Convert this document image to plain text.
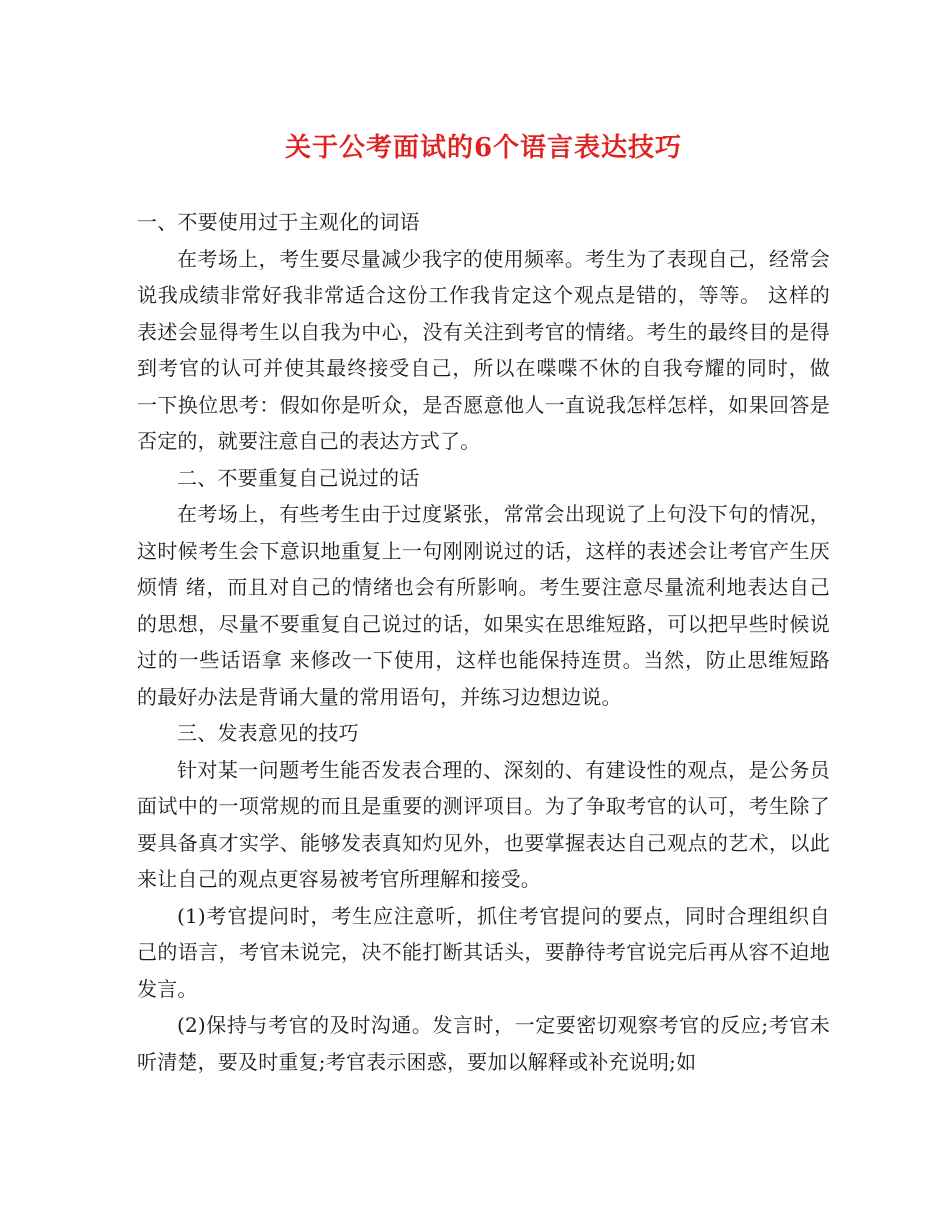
关于公考面试的6个语言表达技巧

一、不要使用过于主观化的词语

在考场上，考生要尽量减少我字的使用频率。考生为了表现自己，经常会说我成绩非常好我非常适合这份工作我肯定这个观点是错的，等等。 这样的表述会显得考生以自我为中心，没有关注到考官的情绪。考生的最终目的是得到考官的认可并使其最终接受自己，所以在喋喋不休的自我夸耀的同时，做 一下换位思考：假如你是听众，是否愿意他人一直说我怎样怎样，如果回答是否定的，就要注意自己的表达方式了。

二、不要重复自己说过的话

在考场上，有些考生由于过度紧张，常常会出现说了上句没下句的情况，这时候考生会下意识地重复上一句刚刚说过的话，这样的表述会让考官产生厌烦情 绪，而且对自己的情绪也会有所影响。考生要注意尽量流利地表达自己的思想，尽量不要重复自己说过的话，如果实在思维短路，可以把早些时候说过的一些话语拿 来修改一下使用，这样也能保持连贯。当然，防止思维短路的最好办法是背诵大量的常用语句，并练习边想边说。

三、发表意见的技巧

针对某一问题考生能否发表合理的、深刻的、有建设性的观点，是公务员面试中的一项常规的而且是重要的测评项目。为了争取考官的认可，考生除了要具备真才实学、能够发表真知灼见外，也要掌握表达自己观点的艺术，以此来让自己的观点更容易被考官所理解和接受。

(1)考官提问时，考生应注意听，抓住考官提问的要点，同时合理组织自己的语言，考官未说完，决不能打断其话头，要静待考官说完后再从容不迫地发言。

(2)保持与考官的及时沟通。发言时，一定要密切观察考官的反应;考官未听清楚，要及时重复;考官表示困惑，要加以解释或补充说明;如
